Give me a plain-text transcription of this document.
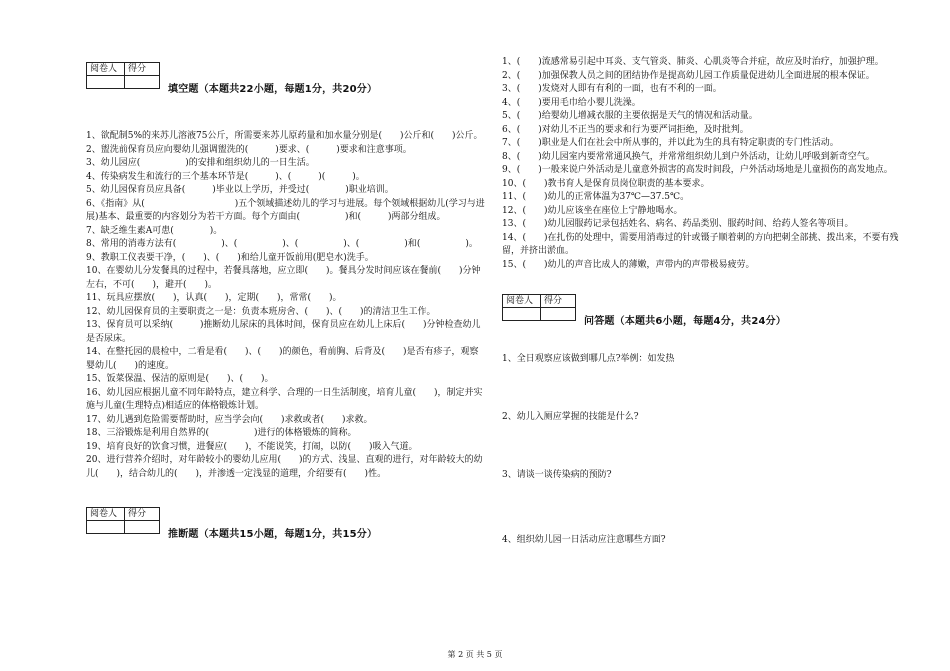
阅卷人	得分
填空题（本题共22小题，每题1分，共20分）

1、欲配制5%的来苏儿溶液75公斤，所需要来苏儿原药量和加水量分别是(　　)公斤和(　　)公斤。

2、盥洗前保育员应向婴幼儿强调盥洗的(　　　)要求、(　　　)要求和注意事项。

3、幼儿园应(　　　　　)的安排和组织幼儿的一日生活。

4、传染病发生和流行的三个基本环节是(　　　)、(　　　)(　　　)。

5、幼儿园保育员应具备(　　　)毕业以上学历，并受过(　　　　)职业培训。

6、《指南》从(　　　　　　　　　　)五个领域描述幼儿的学习与进展。每个领域根据幼儿(学习与进展)基本、最重要的内容划分为若干方面。每个方面由(　　　　　)和(　　　)两部分组成。

7、缺乏维生素A可患(　　　　)。

8、常用的消毒方法有(　　　　　)、(　　　　　)、(　　　　　)、(　　　　　)和(　　　　　)。

9、教职工仪表要干净，(　　)、(　　)和给儿童开饭前用(肥皂水)洗手。

10、在婴幼儿分发餐具的过程中，若餐具落地，应立即(　　)。餐具分发时间应该在餐前(　　)分钟左右，不可(　　)，避开(　　)。

11、玩具应摆放(　　)，认真(　　)，定期(　　)，常常(　　)。

12、幼儿园保育员的主要职责之一是：负责本班房舍、(　　)、(　　)的清洁卫生工作。

13、保育员可以采纳(　　　)推断幼儿尿床的具体时间，保育员应在幼儿上床后(　　)分钟检查幼儿是否尿床。

14、在整托园的晨检中，二看是看(　　)、(　　)的颜色，看前胸、后背及(　　)是否有疹子，观察婴幼儿(　　)的速度。

15、饭菜保温、保洁的原则是(　　)、(　　)。

16、幼儿园应根据儿童不同年龄特点，建立科学、合理的一日生活制度，培育儿童(　　)，制定并实施与儿童(生理特点)相适应的体格锻炼计划。

17、幼儿遇到危险需要帮助时，应当学会向(　　)求救或者(　　)求救。

18、三浴锻炼是利用自然界的(　　　　　)进行的体格锻炼的简称。

19、培育良好的饮食习惯，进餐应(　　)，不能说笑，打闹，以防(　　)吸入气道。

20、进行营养介绍时，对年龄较小的婴幼儿应用(　　)的方式、浅显、直观的进行，对年龄较大的幼儿(　　)，结合幼儿的(　　)，并渗透一定浅显的道理，介绍要有(　　)性。

阅卷人	得分
推断题（本题共15小题，每题1分，共15分）

1、(　　)流感常易引起中耳炎、支气管炎、肺炎、心肌炎等合并症，故应及时治疗，加强护理。

2、(　　)加强保教人员之间的团结协作是提高幼儿园工作质量促进幼儿全面进展的根本保证。

3、(　　)发烧对人即有有利的一面，也有不利的一面。

4、(　　)要用毛巾给小婴儿洗澡。

5、(　　)给婴幼儿增减衣服的主要依据是天气的情况和活动量。

6、(　　)对幼儿不正当的要求和行为要严词拒绝，及时批判。

7、(　　)职业是人们在社会中所从事的，并以此为生的具有特定职责的专门性活动。

8、(　　)幼儿园室内要常常通风换气，并常常组织幼儿到户外活动，让幼儿呼吸到新奇空气。

9、(　　)一般来说户外活动是儿童意外损害的高发时间段，户外活动场地是儿童损伤的高发地点。

10、(　　)教书育人是保育员岗位职责的基本要求。

11、(　　)幼儿的正常体温为37℃—37.5℃。

12、(　　)幼儿应该坐在座位上宁静地喝水。

13、(　　)幼儿园服药记录包括姓名、病名、药品类别、服药时间、给药人签名等项目。

14、(　　)在扎伤的处理中，需要用消毒过的针或镊子顺着刺的方向把刺全部挑、拨出来，不要有残留，并挤出淤血。

15、(　　)幼儿的声音比成人的薄嫩，声带内的声带极易疲劳。

阅卷人	得分
问答题（本题共6小题，每题4分，共24分）

1、全日观察应该做到哪几点?举例：如发热

2、幼儿入厕应掌握的技能是什么?

3、请谈一谈传染病的预防?

4、组织幼儿园一日活动应注意哪些方面?

第 2 页 共 5 页
